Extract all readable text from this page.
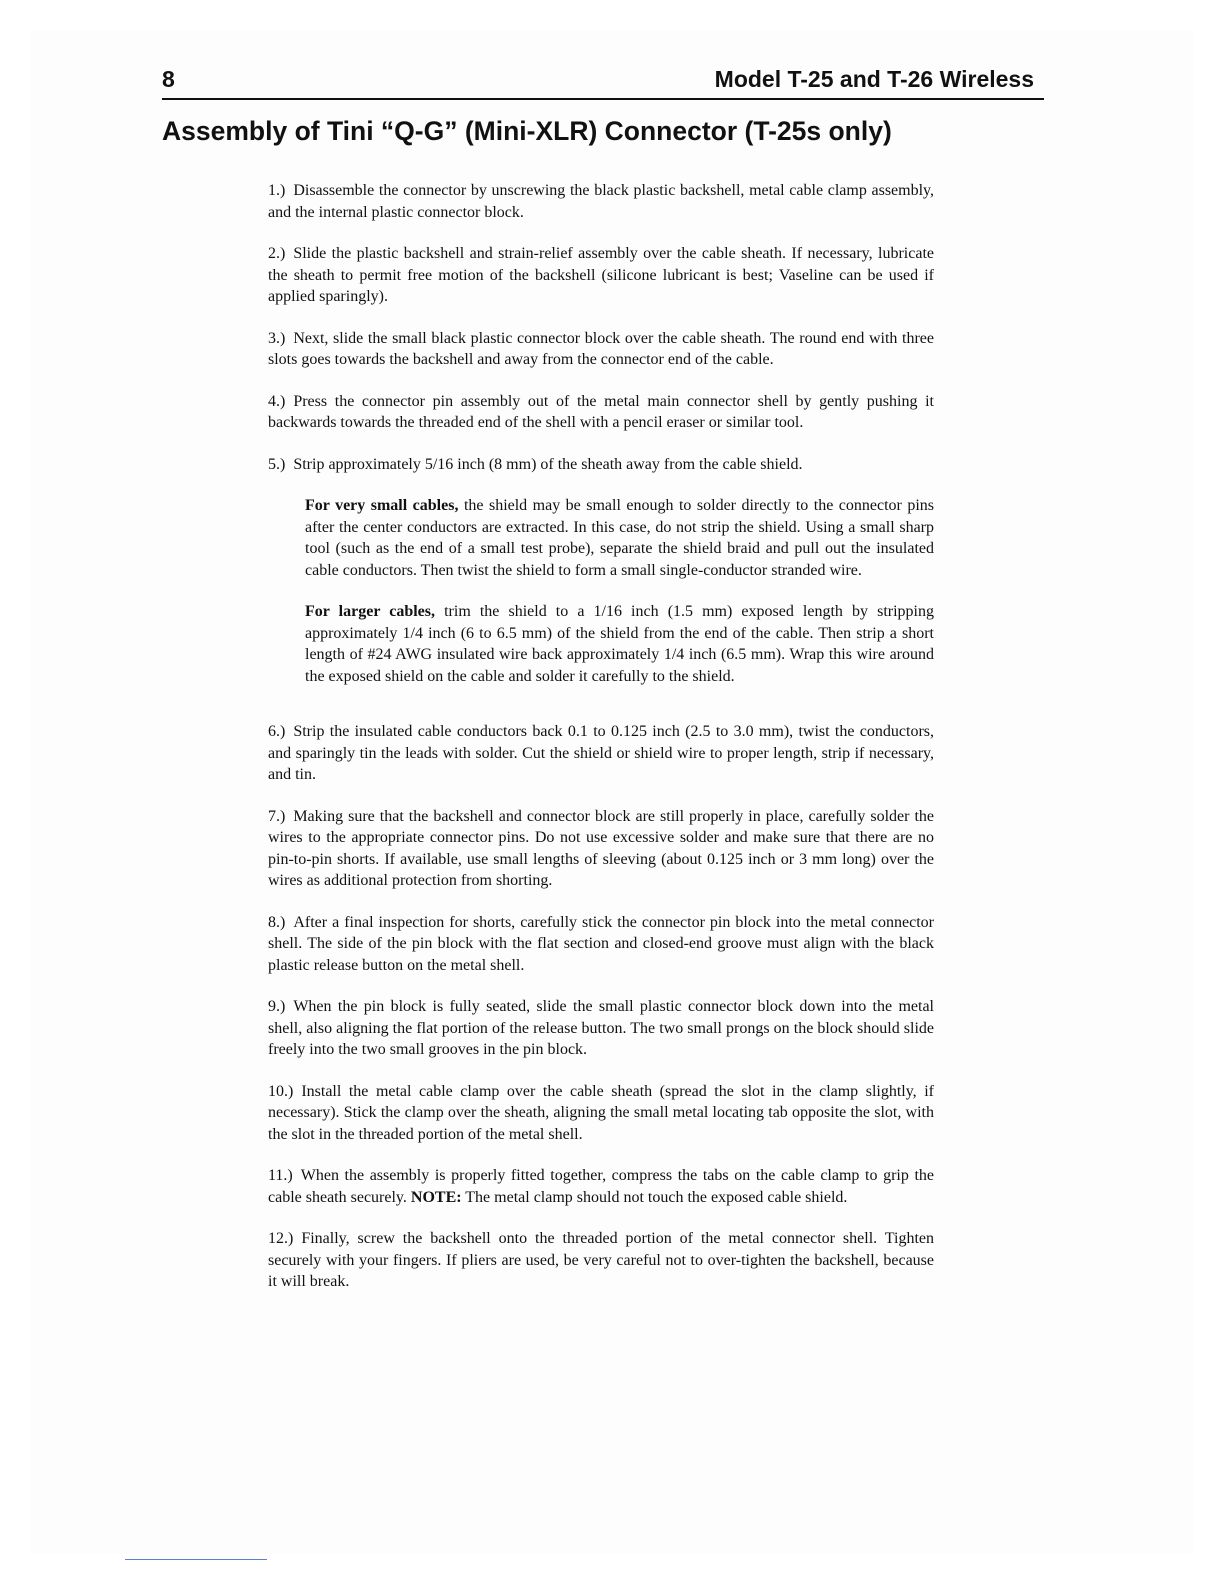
8	Model T-25 and T-26 Wireless
Assembly of Tini “Q-G” (Mini-XLR) Connector (T-25s only)

1.) Disassemble the connector by unscrewing the black plastic backshell, metal cable clamp assembly, and the internal plastic connector block.

2.) Slide the plastic backshell and strain-relief assembly over the cable sheath. If necessary, lubricate the sheath to permit free motion of the backshell (silicone lubricant is best; Vaseline can be used if applied sparingly).

3.) Next, slide the small black plastic connector block over the cable sheath. The round end with three slots goes towards the backshell and away from the connector end of the cable.

4.) Press the connector pin assembly out of the metal main connector shell by gently pushing it backwards towards the threaded end of the shell with a pencil eraser or similar tool.

5.) Strip approximately 5/16 inch (8 mm) of the sheath away from the cable shield.

For very small cables, the shield may be small enough to solder directly to the connector pins after the center conductors are extracted. In this case, do not strip the shield. Using a small sharp tool (such as the end of a small test probe), separate the shield braid and pull out the insulated cable conductors. Then twist the shield to form a small single-conductor stranded wire.

For larger cables, trim the shield to a 1/16 inch (1.5 mm) exposed length by stripping approximately 1/4 inch (6 to 6.5 mm) of the shield from the end of the cable. Then strip a short length of #24 AWG insulated wire back approximately 1/4 inch (6.5 mm). Wrap this wire around the exposed shield on the cable and solder it carefully to the shield.

6.) Strip the insulated cable conductors back 0.1 to 0.125 inch (2.5 to 3.0 mm), twist the conductors, and sparingly tin the leads with solder. Cut the shield or shield wire to proper length, strip if necessary, and tin.

7.) Making sure that the backshell and connector block are still properly in place, carefully solder the wires to the appropriate connector pins. Do not use excessive solder and make sure that there are no pin-to-pin shorts. If available, use small lengths of sleeving (about 0.125 inch or 3 mm long) over the wires as additional protection from shorting.

8.) After a final inspection for shorts, carefully stick the connector pin block into the metal connector shell. The side of the pin block with the flat section and closed-end groove must align with the black plastic release button on the metal shell.

9.) When the pin block is fully seated, slide the small plastic connector block down into the metal shell, also aligning the flat portion of the release button. The two small prongs on the block should slide freely into the two small grooves in the pin block.

10.) Install the metal cable clamp over the cable sheath (spread the slot in the clamp slightly, if necessary). Stick the clamp over the sheath, aligning the small metal locating tab opposite the slot, with the slot in the threaded portion of the metal shell.

11.) When the assembly is properly fitted together, compress the tabs on the cable clamp to grip the cable sheath securely. NOTE: The metal clamp should not touch the exposed cable shield.

12.) Finally, screw the backshell onto the threaded portion of the metal connector shell. Tighten securely with your fingers. If pliers are used, be very careful not to over-tighten the backshell, because it will break.
